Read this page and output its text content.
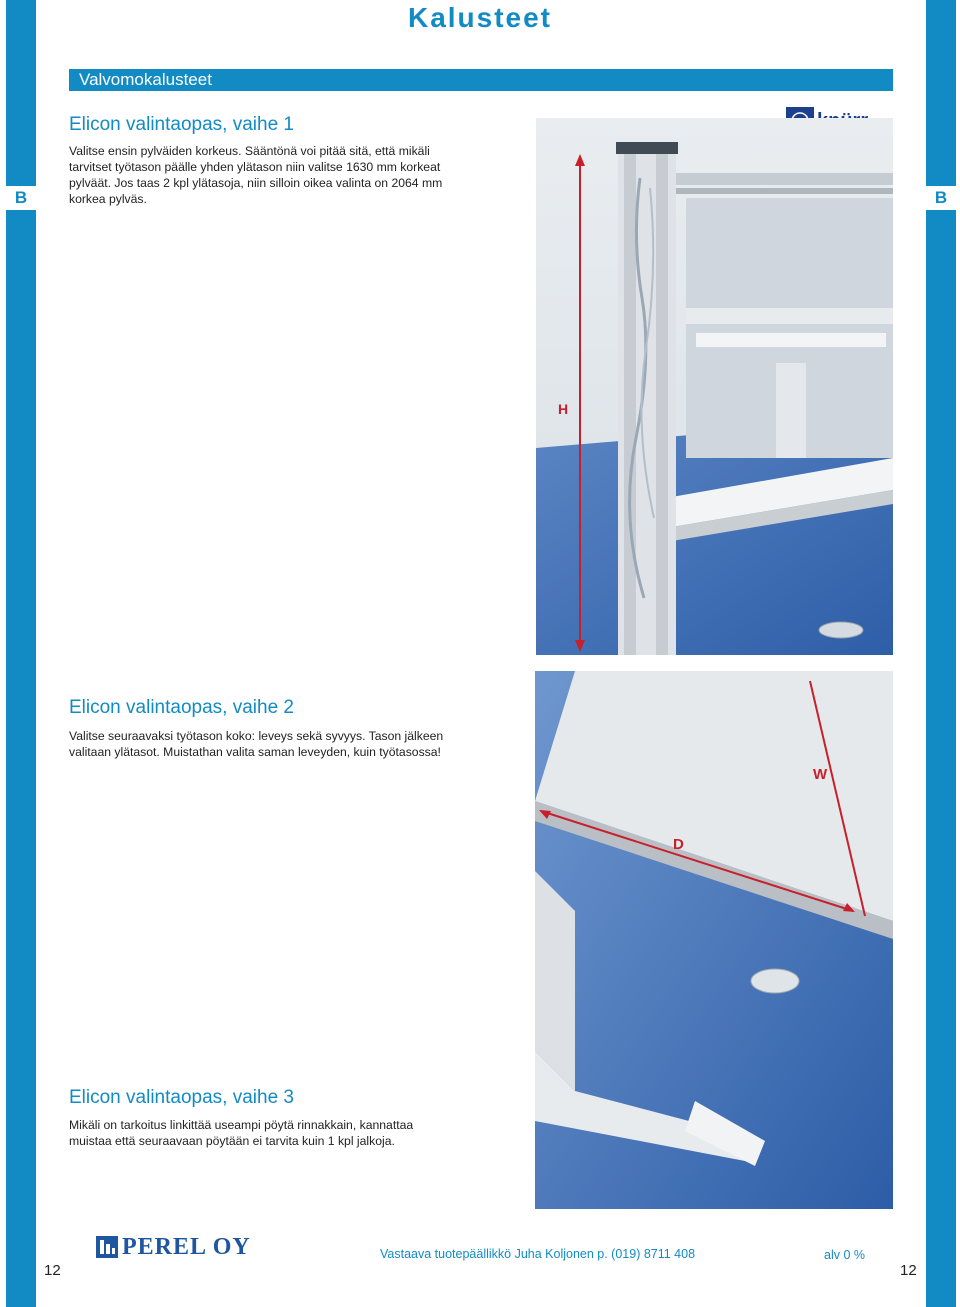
B	B
Kalusteet
Valvomokalusteet
Elicon valintaopas, vaihe 1
Valitse ensin pylväiden korkeus. Sääntönä voi pitää sitä, että mikäli
tarvitset työtason päälle yhden ylätason niin valitse 1630 mm korkeat
pylväät. Jos taas 2 kpl ylätasoja, niin silloin oikea valinta on 2064 mm
korkea pylväs.
H
Elicon valintaopas, vaihe 2
Valitse seuraavaksi työtason koko: leveys sekä syvyys. Tason jälkeen
valitaan ylätasot. Muistathan valita saman leveyden, kuin työtasossa!
W
D
Elicon valintaopas, vaihe 3
Mikäli on tarkoitus linkittää useampi pöytä rinnakkain, kannattaa
muistaa että seuraavaan pöytään ei tarvita kuin 1 kpl jalkoja.
PEREL OY	Vastaava tuotepäällikkö Juha Koljonen p. (019) 8711 408	alv 0 %
12	12
